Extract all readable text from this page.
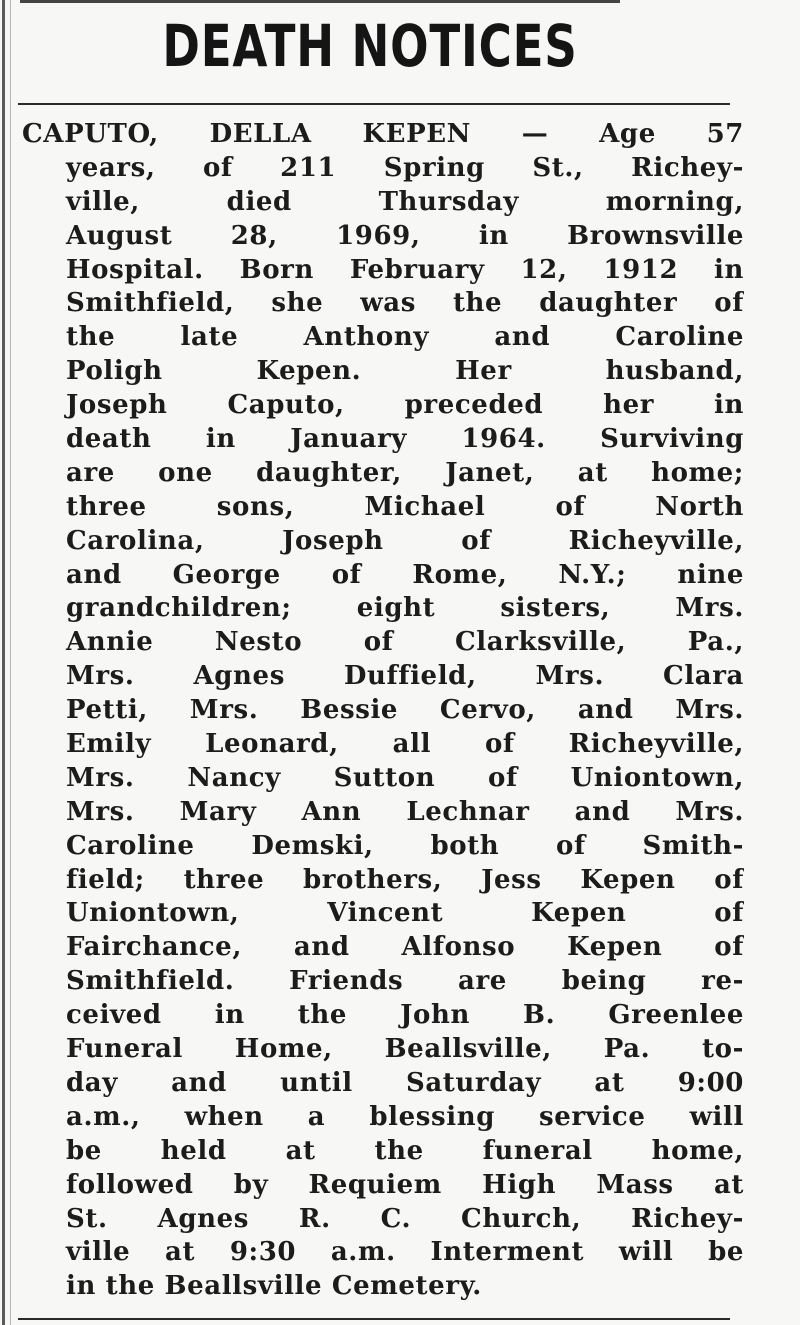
DEATH NOTICES
CAPUTO, DELLA KEPEN — Age 57
years, of 211 Spring St., Richey-
ville, died Thursday morning,
August 28, 1969, in Brownsville
Hospital. Born February 12, 1912 in
Smithfield, she was the daughter of
the late Anthony and Caroline
Poligh Kepen. Her husband,
Joseph Caputo, preceded her in
death in January 1964. Surviving
are one daughter, Janet, at home;
three sons, Michael of North
Carolina, Joseph of Richeyville,
and George of Rome, N.Y.; nine
grandchildren; eight sisters, Mrs.
Annie Nesto of Clarksville, Pa.,
Mrs. Agnes Duffield, Mrs. Clara
Petti, Mrs. Bessie Cervo, and Mrs.
Emily Leonard, all of Richeyville,
Mrs. Nancy Sutton of Uniontown,
Mrs. Mary Ann Lechnar and Mrs.
Caroline Demski, both of Smith-
field; three brothers, Jess Kepen of
Uniontown, Vincent Kepen of
Fairchance, and Alfonso Kepen of
Smithfield. Friends are being re-
ceived in the John B. Greenlee
Funeral Home, Beallsville, Pa. to-
day and until Saturday at 9:00
a.m., when a blessing service will
be held at the funeral home,
followed by Requiem High Mass at
St. Agnes R. C. Church, Richey-
ville at 9:30 a.m. Interment will be
in the Beallsville Cemetery.
